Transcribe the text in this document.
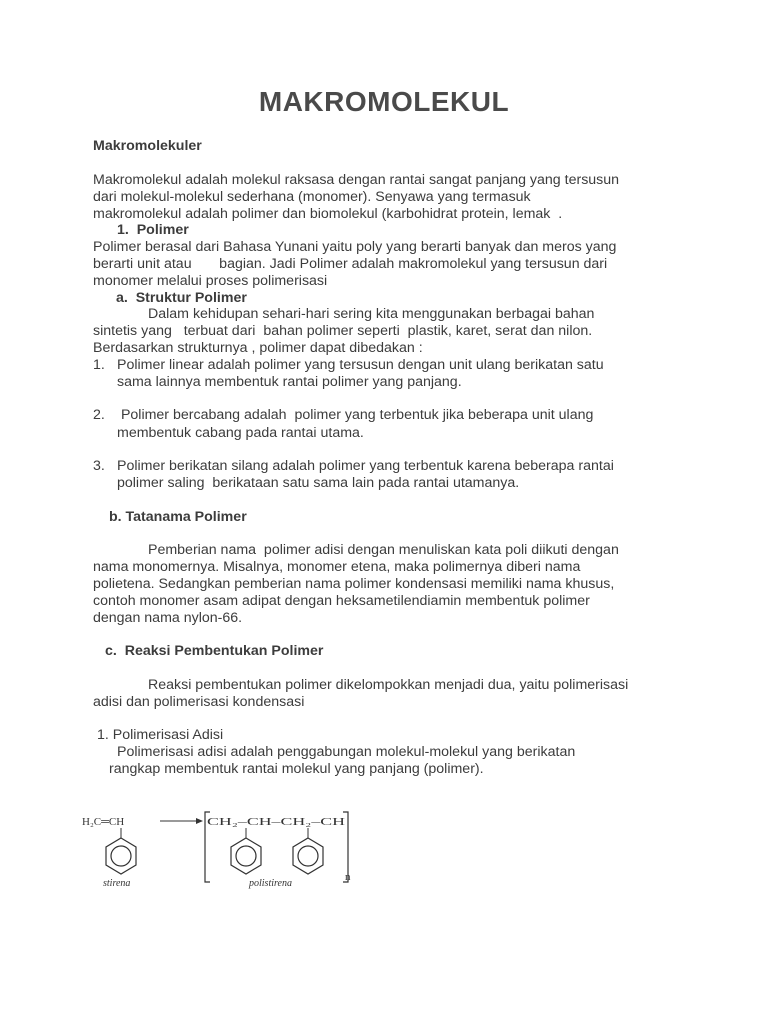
MAKROMOLEKUL
Makromolekuler
Makromolekul adalah molekul raksasa dengan rantai sangat panjang yang tersusun
dari molekul-molekul sederhana (monomer). Senyawa yang termasuk
makromolekul adalah polimer dan biomolekul (karbohidrat protein, lemak  .
1.  Polimer
Polimer berasal dari Bahasa Yunani yaitu poly yang berarti banyak dan meros yang
berarti unit atau       bagian. Jadi Polimer adalah makromolekul yang tersusun dari
monomer melalui proses polimerisasi
a.  Struktur Polimer
Dalam kehidupan sehari-hari sering kita menggunakan berbagai bahan
sintetis yang   terbuat dari  bahan polimer seperti  plastik, karet, serat dan nilon.
Berdasarkan strukturnya , polimer dapat dibedakan :
1. Polimer linear adalah polimer yang tersusun dengan unit ulang berikatan satu
sama lainnya membentuk rantai polimer yang panjang.
2. Polimer bercabang adalah  polimer yang terbentuk jika beberapa unit ulang
membentuk cabang pada rantai utama.
3. Polimer berikatan silang adalah polimer yang terbentuk karena beberapa rantai
polimer saling  berikataan satu sama lain pada rantai utamanya.
b. Tatanama Polimer
Pemberian nama  polimer adisi dengan menuliskan kata poli diikuti dengan
nama monomernya. Misalnya, monomer etena, maka polimernya diberi nama
polietena. Sedangkan pemberian nama polimer kondensasi memiliki nama khusus,
contoh monomer asam adipat dengan heksametilendiamin membentuk polimer
dengan nama nylon-66.
c.  Reaksi Pembentukan Polimer
Reaksi pembentukan polimer dikelompokkan menjadi dua, yaitu polimerisasi
adisi dan polimerisasi kondensasi
1. Polimerisasi Adisi
Polimerisasi adisi adalah penggabungan molekul-molekul yang berikatan
rangkap membentuk rantai molekul yang panjang (polimer).
H₂C═CH
stirena
CH₂–CH–CH₂–CH
n
polistirena
